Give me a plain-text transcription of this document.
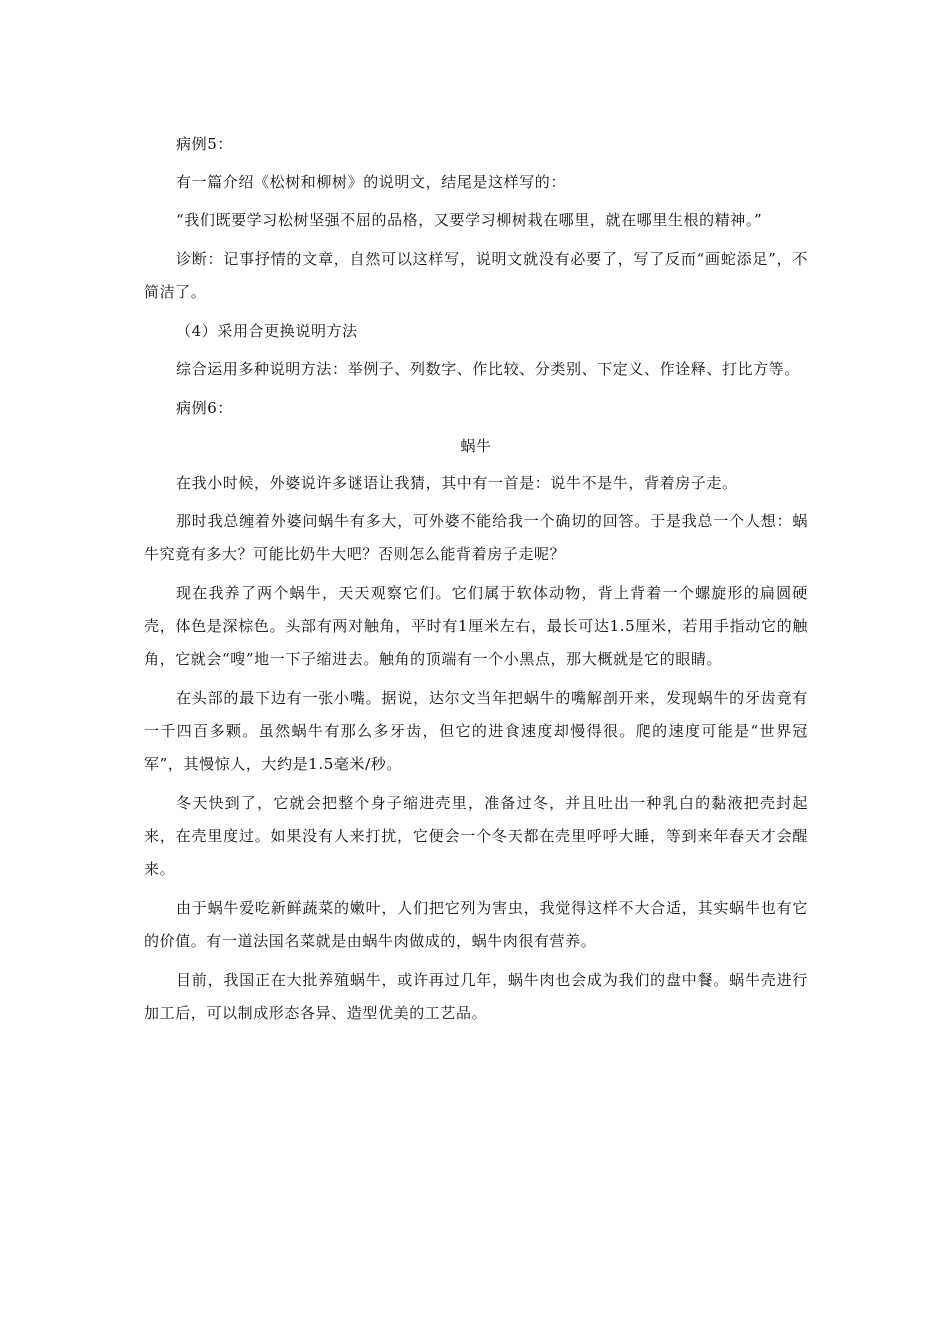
病例5：

有一篇介绍《松树和柳树》的说明文，结尾是这样写的：

“我们既要学习松树坚强不屈的品格，又要学习柳树栽在哪里，就在哪里生根的精神。”

诊断：记事抒情的文章，自然可以这样写，说明文就没有必要了，写了反而“画蛇添足”，不简洁了。

（4）采用合更换说明方法

综合运用多种说明方法：举例子、列数字、作比较、分类别、下定义、作诠释、打比方等。

病例6：

蜗牛

在我小时候，外婆说许多谜语让我猜，其中有一首是：说牛不是牛，背着房子走。

那时我总缠着外婆问蜗牛有多大，可外婆不能给我一个确切的回答。于是我总一个人想：蜗牛究竟有多大？可能比奶牛大吧？否则怎么能背着房子走呢？

现在我养了两个蜗牛，天天观察它们。它们属于软体动物，背上背着一个螺旋形的扁圆硬壳，体色是深棕色。头部有两对触角，平时有1厘米左右，最长可达1.5厘米，若用手指动它的触角，它就会“嗖”地一下子缩进去。触角的顶端有一个小黑点，那大概就是它的眼睛。

在头部的最下边有一张小嘴。据说，达尔文当年把蜗牛的嘴解剖开来，发现蜗牛的牙齿竟有一千四百多颗。虽然蜗牛有那么多牙齿，但它的进食速度却慢得很。爬的速度可能是“世界冠军”，其慢惊人，大约是1.5毫米/秒。

冬天快到了，它就会把整个身子缩进壳里，准备过冬，并且吐出一种乳白的黏液把壳封起来，在壳里度过。如果没有人来打扰，它便会一个冬天都在壳里呼呼大睡，等到来年春天才会醒来。

由于蜗牛爱吃新鲜蔬菜的嫩叶，人们把它列为害虫，我觉得这样不大合适，其实蜗牛也有它的价值。有一道法国名菜就是由蜗牛肉做成的，蜗牛肉很有营养。

目前，我国正在大批养殖蜗牛，或许再过几年，蜗牛肉也会成为我们的盘中餐。蜗牛壳进行加工后，可以制成形态各异、造型优美的工艺品。
